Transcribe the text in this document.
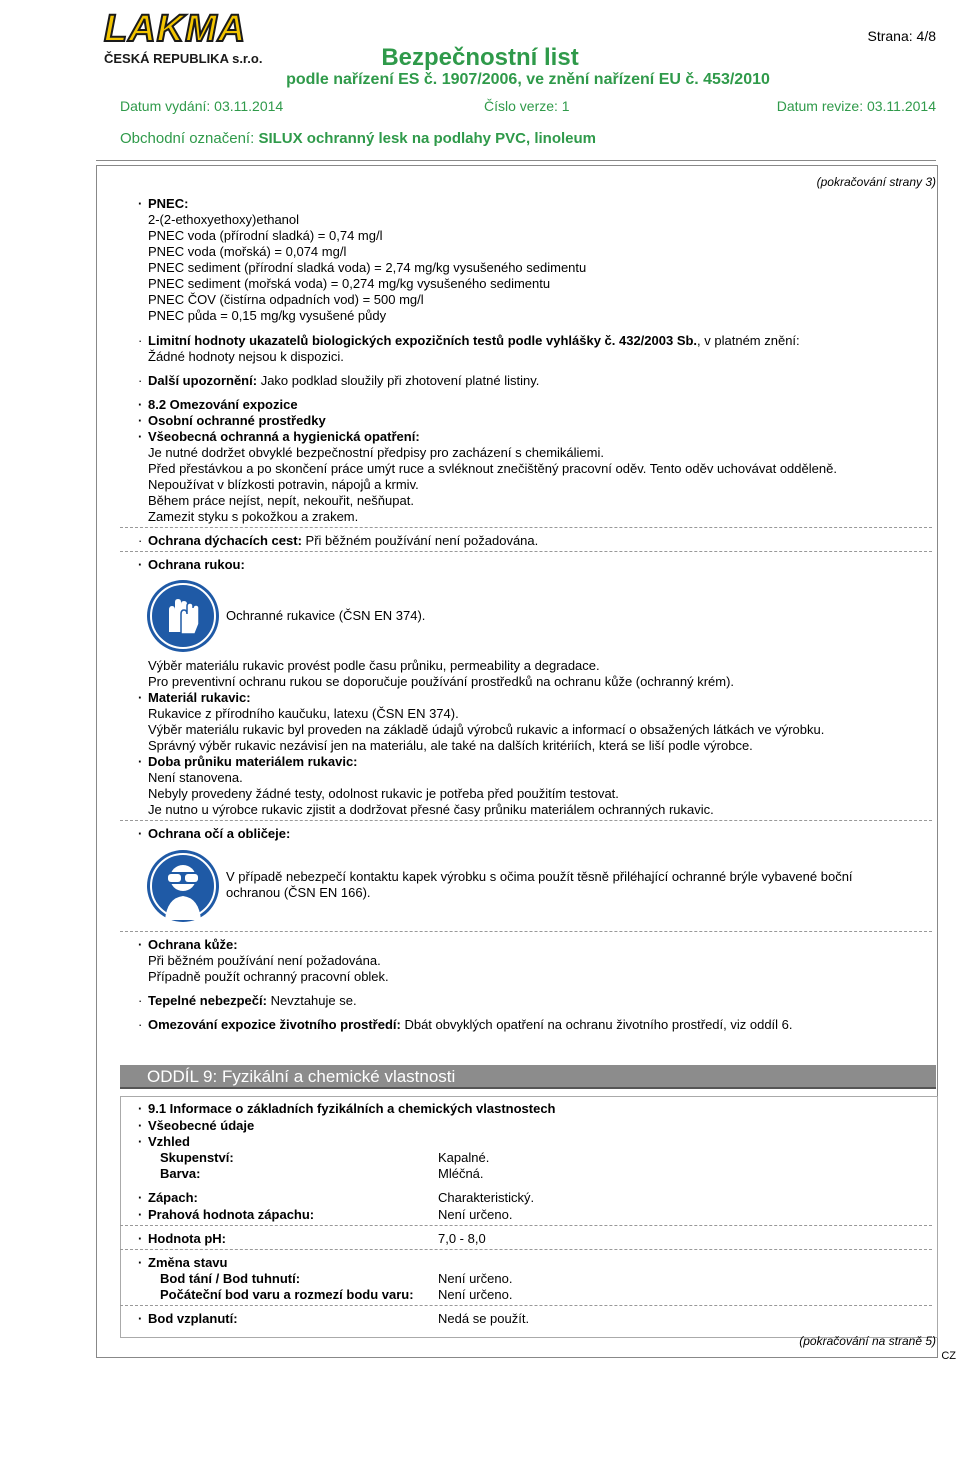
LAKMA
ČESKÁ REPUBLIKA s.r.o.	Bezpečnostní list
podle nařízení ES č. 1907/2006, ve znění nařízení EU č. 453/2010
Strana: 4/8
Datum vydání: 03.11.2014	Číslo verze: 1	Datum revize: 03.11.2014
Obchodní označení: SILUX ochranný lesk na podlahy PVC, linoleum
(pokračování strany 3)
· PNEC:
2-(2-ethoxyethoxy)ethanol
PNEC voda (přírodní sladká) = 0,74 mg/l
PNEC voda (mořská) = 0,074 mg/l
PNEC sediment (přírodní sladká voda) = 2,74 mg/kg vysušeného sedimentu
PNEC sediment (mořská voda) = 0,274 mg/kg vysušeného sedimentu
PNEC ČOV (čistírna odpadních vod) = 500 mg/l
PNEC půda = 0,15 mg/kg vysušené půdy
· Limitní hodnoty ukazatelů biologických expozičních testů podle vyhlášky č. 432/2003 Sb., v platném znění:
Žádné hodnoty nejsou k dispozici.
· Další upozornění: Jako podklad sloužily při zhotovení platné listiny.
· 8.2 Omezování expozice
· Osobní ochranné prostředky
· Všeobecná ochranná a hygienická opatření:
Je nutné dodržet obvyklé bezpečnostní předpisy pro zacházení s chemikáliemi.
Před přestávkou a po skončení práce umýt ruce a svléknout znečištěný pracovní oděv. Tento oděv uchovávat odděleně.
Nepoužívat v blízkosti potravin, nápojů a krmiv.
Během práce nejíst, nepít, nekouřit, nešňupat.
Zamezit styku s pokožkou a zrakem.
· Ochrana dýchacích cest: Při běžném používání není požadována.
· Ochrana rukou:
Ochranné rukavice (ČSN EN 374).
Výběr materiálu rukavic provést podle času průniku, permeability a degradace.
Pro preventivní ochranu rukou se doporučuje používání prostředků na ochranu kůže (ochranný krém).
· Materiál rukavic:
Rukavice z přírodního kaučuku, latexu (ČSN EN 374).
Výběr materiálu rukavic byl proveden na základě údajů výrobců rukavic a informací o obsažených látkách ve výrobku.
Správný výběr rukavic nezávisí jen na materiálu, ale také na dalších kritériích, která se liší podle výrobce.
· Doba průniku materiálem rukavic:
Není stanovena.
Nebyly provedeny žádné testy, odolnost rukavic je potřeba před použitím testovat.
Je nutno u výrobce rukavic zjistit a dodržovat přesné časy průniku materiálem ochranných rukavic.
· Ochrana očí a obličeje:
V případě nebezpečí kontaktu kapek výrobku s očima použít těsně přiléhající ochranné brýle vybavené boční
ochranou (ČSN EN 166).
· Ochrana kůže:
Při běžném používání není požadována.
Případně použít ochranný pracovní oblek.
· Tepelné nebezpečí: Nevztahuje se.
· Omezování expozice životního prostředí: Dbát obvyklých opatření na ochranu životního prostředí, viz oddíl 6.
ODDÍL 9: Fyzikální a chemické vlastnosti
· 9.1 Informace o základních fyzikálních a chemických vlastnostech
· Všeobecné údaje
· Vzhled
Skupenství:	Kapalné.
Barva:	Mléčná.
· Zápach:	Charakteristický.
· Prahová hodnota zápachu:	Není určeno.
· Hodnota pH:	7,0 - 8,0
· Změna stavu
Bod tání / Bod tuhnutí:	Není určeno.
Počáteční bod varu a rozmezí bodu varu: Není určeno.
· Bod vzplanutí:	Nedá se použít.
(pokračování na straně 5)
CZ
